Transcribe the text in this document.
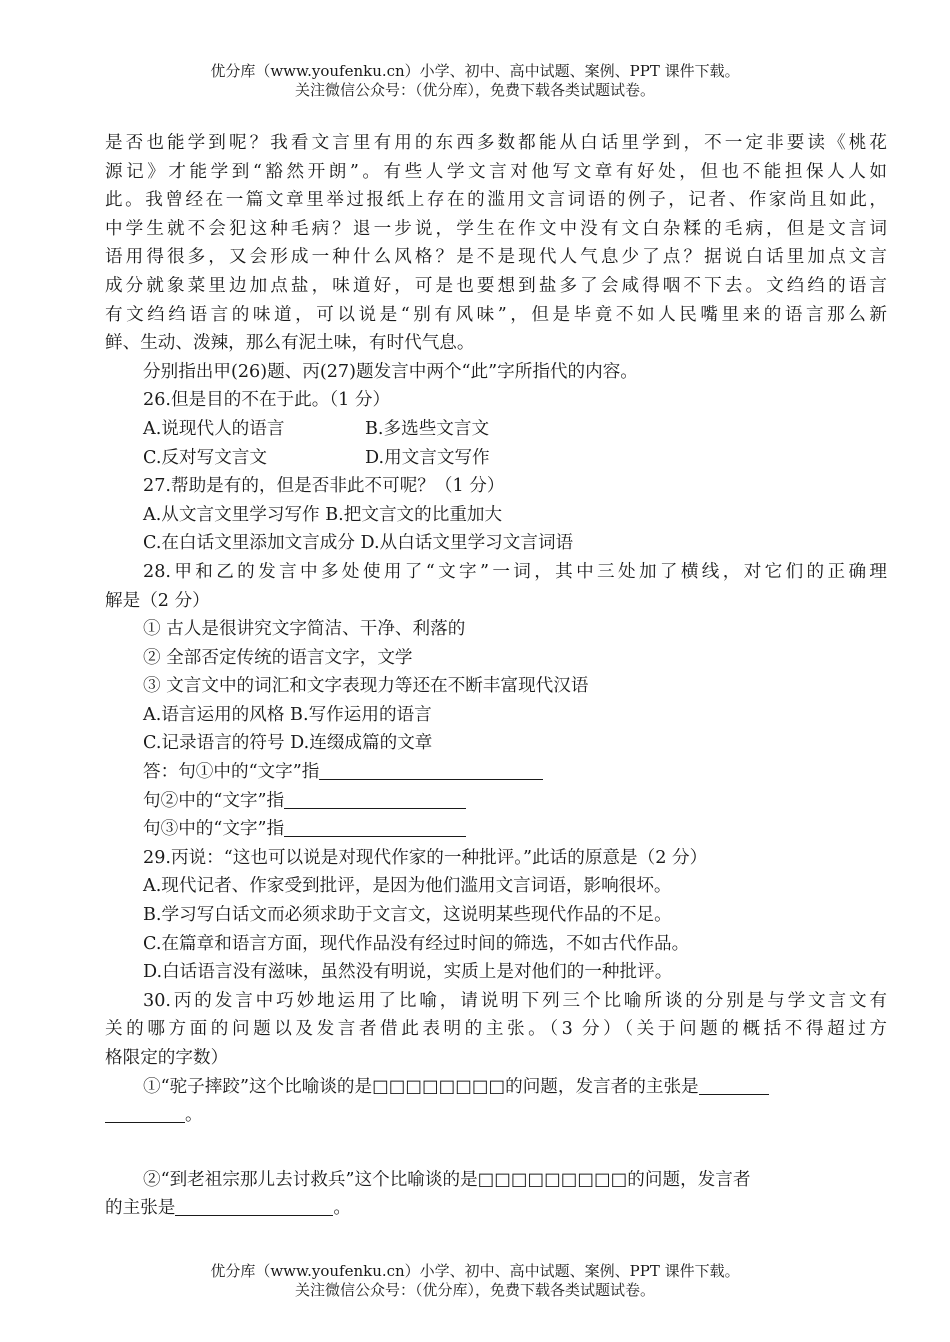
优分库（www.youfenku.cn）小学、初中、高中试题、案例、PPT 课件下载。
关注微信公众号：（优分库），免费下载各类试题试卷。
是否也能学到呢？我看文言里有用的东西多数都能从白话里学到，不一定非要读《桃花
源记》才能学到“豁然开朗”。有些人学文言对他写文章有好处，但也不能担保人人如
此。我曾经在一篇文章里举过报纸上存在的滥用文言词语的例子，记者、作家尚且如此，
中学生就不会犯这种毛病？退一步说，学生在作文中没有文白杂糅的毛病，但是文言词
语用得很多，又会形成一种什么风格？是不是现代人气息少了点？据说白话里加点文言
成分就象菜里边加点盐，味道好，可是也要想到盐多了会咸得咽不下去。文绉绉的语言
有文绉绉语言的味道，可以说是“别有风味”，但是毕竟不如人民嘴里来的语言那么新
鲜、生动、泼辣，那么有泥土味，有时代气息。
分别指出甲(26)题、丙(27)题发言中两个“此”字所指代的内容。
26.但是目的不在于此。（1 分）
A.说现代人的语言	B.多选些文言文
C.反对写文言文	D.用文言文写作
27.帮助是有的，但是否非此不可呢？（1 分）
A.从文言文里学习写作 B.把文言文的比重加大
C.在白话文里添加文言成分 D.从白话文里学习文言词语
28.甲和乙的发言中多处使用了“文字”一词，其中三处加了横线，对它们的正确理
解是（2 分）
① 古人是很讲究文字简洁、干净、利落的
② 全部否定传统的语言文字，文学
③ 文言文中的词汇和文字表现力等还在不断丰富现代汉语
A.语言运用的风格 B.写作运用的语言
C.记录语言的符号 D.连缀成篇的文章
答：句①中的“文字”指
句②中的“文字”指
句③中的“文字”指
29.丙说：“这也可以说是对现代作家的一种批评。”此话的原意是（2 分）
A.现代记者、作家受到批评，是因为他们滥用文言词语，影响很坏。
B.学习写白话文而必须求助于文言文，这说明某些现代作品的不足。
C.在篇章和语言方面，现代作品没有经过时间的筛选，不如古代作品。
D.白话语言没有滋味，虽然没有明说，实质上是对他们的一种批评。
30.丙的发言中巧妙地运用了比喻，请说明下列三个比喻所谈的分别是与学文言文有
关的哪方面的问题以及发言者借此表明的主张。（3 分）（关于问题的概括不得超过方
格限定的字数）
①“驼子摔跤”这个比喻谈的是□□□□□□□□的问题，发言者的主张是
。
②“到老祖宗那儿去讨救兵”这个比喻谈的是□□□□□□□□□的问题，发言者
的主张是	。
优分库（www.youfenku.cn）小学、初中、高中试题、案例、PPT 课件下载。
关注微信公众号：（优分库），免费下载各类试题试卷。
